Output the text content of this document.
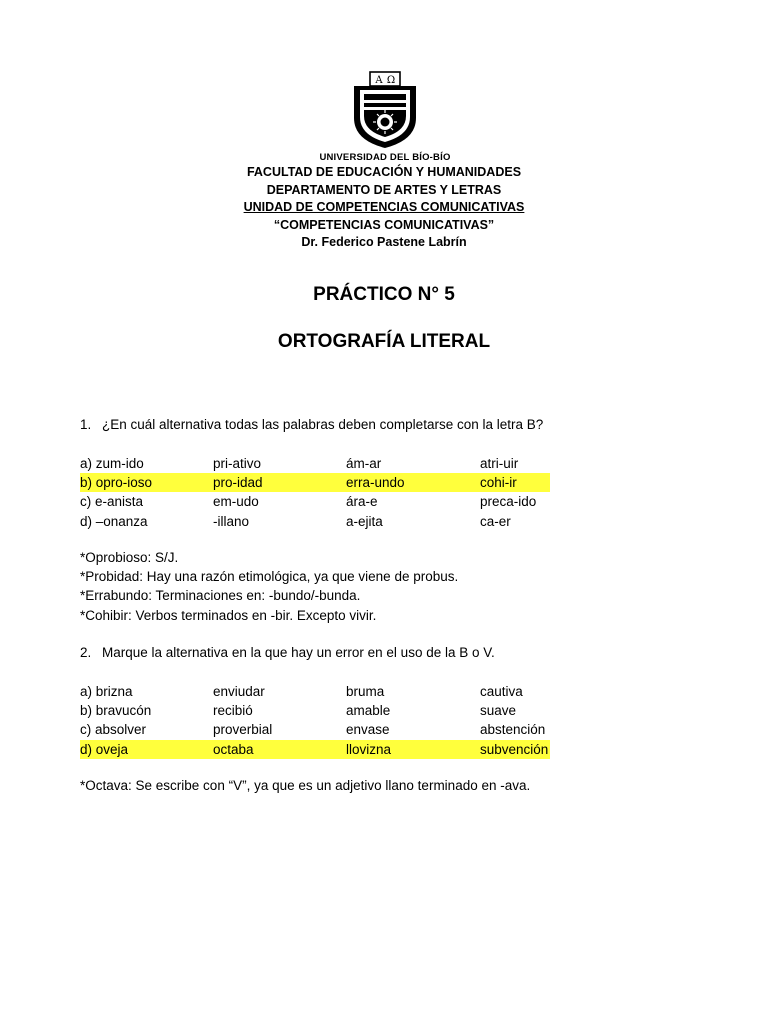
A Ω
UNIVERSIDAD DEL BÍO-BÍO
FACULTAD DE EDUCACIÓN Y HUMANIDADES
DEPARTAMENTO DE ARTES Y LETRAS
UNIDAD DE COMPETENCIAS COMUNICATIVAS
“COMPETENCIAS COMUNICATIVAS”
Dr. Federico Pastene Labrín
PRÁCTICO N° 5
ORTOGRAFÍA LITERAL
1. ¿En cuál alternativa todas las palabras deben completarse con la letra B?
a) zum-ido	pri-ativo	ám-ar	atri-uir
b) opro-ioso	pro-idad	erra-undo	cohi-ir
c) e-anista	em-udo	ára-e	preca-ido
d) –onanza	-illano	a-ejita	ca-er
*Oprobioso: S/J.
*Probidad: Hay una razón etimológica, ya que viene de probus.
*Errabundo: Terminaciones en: -bundo/-bunda.
*Cohibir: Verbos terminados en -bir. Excepto vivir.
2. Marque la alternativa en la que hay un error en el uso de la B o V.
a) brizna	enviudar	bruma	cautiva
b) bravucón	recibió	amable	suave
c) absolver	proverbial	envase	abstención
d) oveja	octaba	llovizna	subvención
*Octava: Se escribe con “V”, ya que es un adjetivo llano terminado en -ava.
